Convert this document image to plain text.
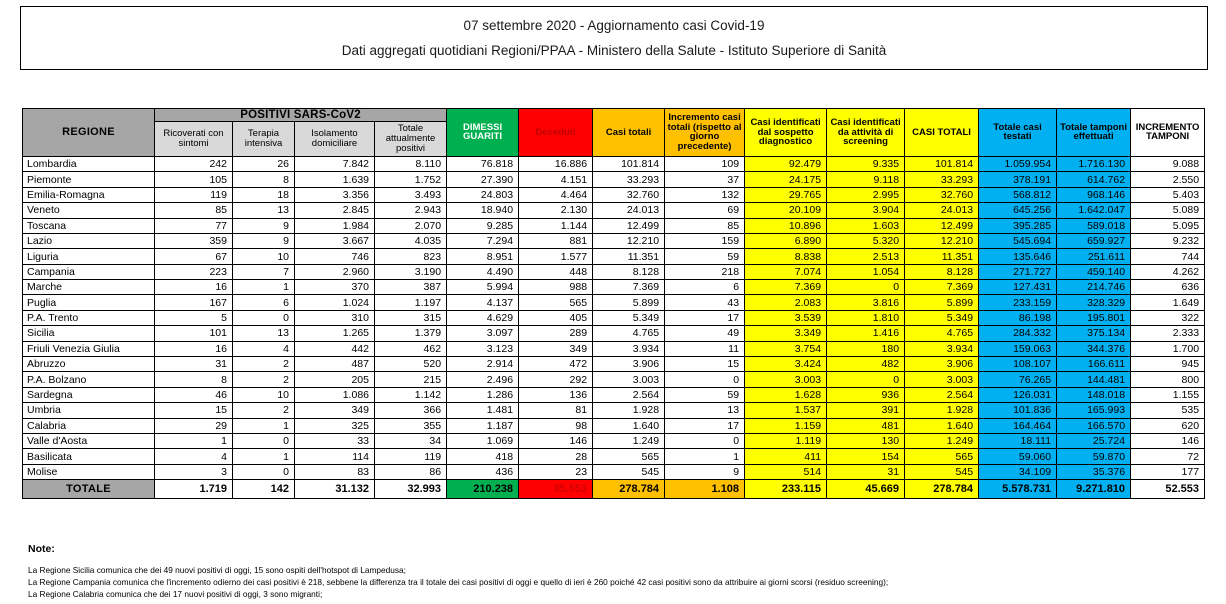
07 settembre 2020 - Aggiornamento casi Covid-19
Dati aggregati quotidiani Regioni/PPAA - Ministero della Salute - Istituto Superiore di Sanità
REGIONE	POSITIVI SARS-CoV2				DIMESSI GUARITI	Deceduti	Casi totali	Incremento casi totali (rispetto al giorno precedente)	Casi identificati dal sospetto diagnostico	Casi identificati da attività di screening	CASI TOTALI	Totale casi testati	Totale tamponi effettuati	INCREMENTO TAMPONI
	Ricoverati con sintomi	Terapia intensiva	Isolamento domiciliare	Totale attualmente positivi										
Lombardia	242	26	7.842	8.110	76.818	16.886	101.814	109	92.479	9.335	101.814	1.059.954	1.716.130	9.088
Piemonte	105	8	1.639	1.752	27.390	4.151	33.293	37	24.175	9.118	33.293	378.191	614.762	2.550
Emilia-Romagna	119	18	3.356	3.493	24.803	4.464	32.760	132	29.765	2.995	32.760	568.812	968.146	5.403
Veneto	85	13	2.845	2.943	18.940	2.130	24.013	69	20.109	3.904	24.013	645.256	1.642.047	5.089
Toscana	77	9	1.984	2.070	9.285	1.144	12.499	85	10.896	1.603	12.499	395.285	589.018	5.095
Lazio	359	9	3.667	4.035	7.294	881	12.210	159	6.890	5.320	12.210	545.694	659.927	9.232
Liguria	67	10	746	823	8.951	1.577	11.351	59	8.838	2.513	11.351	135.646	251.611	744
Campania	223	7	2.960	3.190	4.490	448	8.128	218	7.074	1.054	8.128	271.727	459.140	4.262
Marche	16	1	370	387	5.994	988	7.369	6	7.369	0	7.369	127.431	214.746	636
Puglia	167	6	1.024	1.197	4.137	565	5.899	43	2.083	3.816	5.899	233.159	328.329	1.649
P.A. Trento	5	0	310	315	4.629	405	5.349	17	3.539	1.810	5.349	86.198	195.801	322
Sicilia	101	13	1.265	1.379	3.097	289	4.765	49	3.349	1.416	4.765	284.332	375.134	2.333
Friuli Venezia Giulia	16	4	442	462	3.123	349	3.934	11	3.754	180	3.934	159.063	344.376	1.700
Abruzzo	31	2	487	520	2.914	472	3.906	15	3.424	482	3.906	108.107	166.611	945
P.A. Bolzano	8	2	205	215	2.496	292	3.003	0	3.003	0	3.003	76.265	144.481	800
Sardegna	46	10	1.086	1.142	1.286	136	2.564	59	1.628	936	2.564	126.031	148.018	1.155
Umbria	15	2	349	366	1.481	81	1.928	13	1.537	391	1.928	101.836	165.993	535
Calabria	29	1	325	355	1.187	98	1.640	17	1.159	481	1.640	164.464	166.570	620
Valle d'Aosta	1	0	33	34	1.069	146	1.249	0	1.119	130	1.249	18.111	25.724	146
Basilicata	4	1	114	119	418	28	565	1	411	154	565	59.060	59.870	72
Molise	3	0	83	86	436	23	545	9	514	31	545	34.109	35.376	177
TOTALE	1.719	142	31.132	32.993	210.238	35.553	278.784	1.108	233.115	45.669	278.784	5.578.731	9.271.810	52.553
Note:
La Regione Sicilia comunica che dei 49 nuovi positivi di oggi, 15 sono ospiti dell'hotspot di Lampedusa;
La Regione Campania comunica che l'incremento odierno dei casi positivi è 218, sebbene la differenza tra il totale dei casi positivi di oggi e quello di ieri è 260 poiché 42 casi positivi sono da attribuire ai giorni scorsi (residuo screening);
La Regione Calabria comunica che dei 17 nuovi positivi di oggi, 3 sono migranti;
